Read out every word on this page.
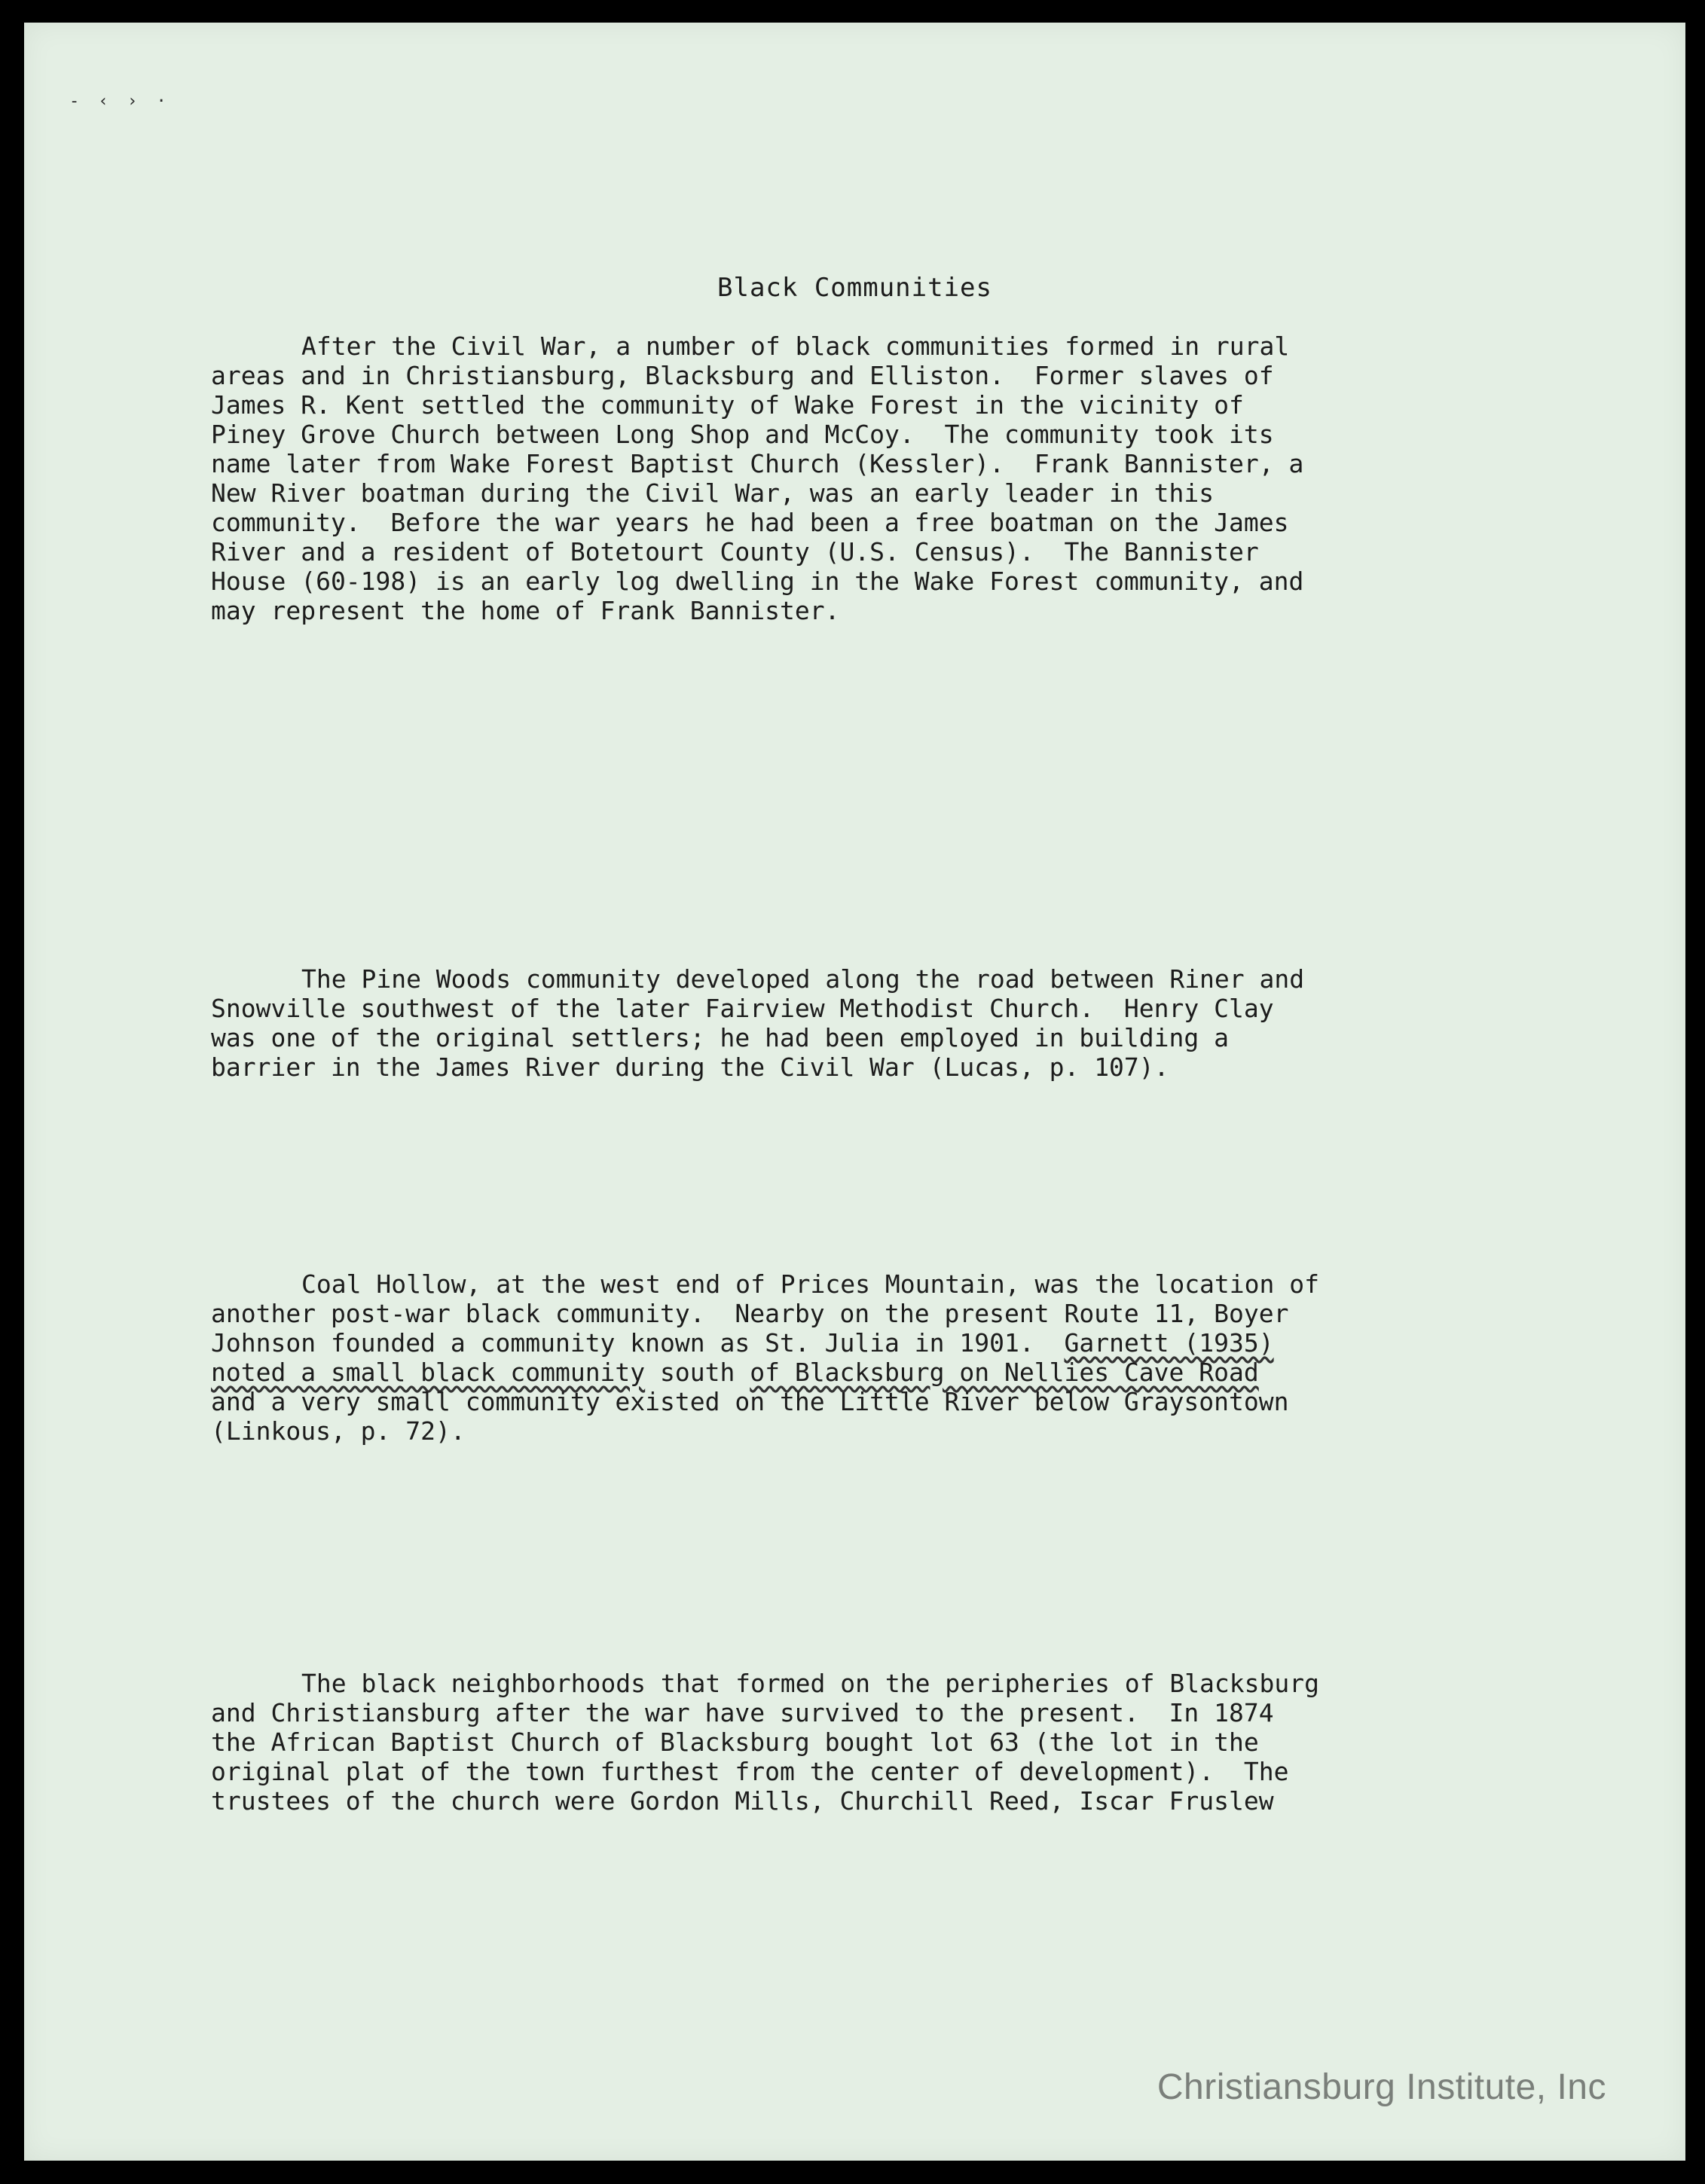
- ‹ › ·
Black Communities
After the Civil War, a number of black communities formed in rural
areas and in Christiansburg, Blacksburg and Elliston.  Former slaves of
James R. Kent settled the community of Wake Forest in the vicinity of
Piney Grove Church between Long Shop and McCoy.  The community took its
name later from Wake Forest Baptist Church (Kessler).  Frank Bannister, a
New River boatman during the Civil War, was an early leader in this
community.  Before the war years he had been a free boatman on the James
River and a resident of Botetourt County (U.S. Census).  The Bannister
House (60-198) is an early log dwelling in the Wake Forest community, and
may represent the home of Frank Bannister.
The Pine Woods community developed along the road between Riner and
Snowville southwest of the later Fairview Methodist Church.  Henry Clay
was one of the original settlers; he had been employed in building a
barrier in the James River during the Civil War (Lucas, p. 107).
Coal Hollow, at the west end of Prices Mountain, was the location of
another post-war black community.  Nearby on the present Route 11, Boyer
Johnson founded a community known as St. Julia in 1901.  Garnett (1935)
noted a small black community south of Blacksburg on Nellies Cave Road
and a very small community existed on the Little River below Graysontown
(Linkous, p. 72).
The black neighborhoods that formed on the peripheries of Blacksburg
and Christiansburg after the war have survived to the present.  In 1874
the African Baptist Church of Blacksburg bought lot 63 (the lot in the
original plat of the town furthest from the center of development).  The
trustees of the church were Gordon Mills, Churchill Reed, Iscar Fruslew
Christiansburg Institute, Inc
